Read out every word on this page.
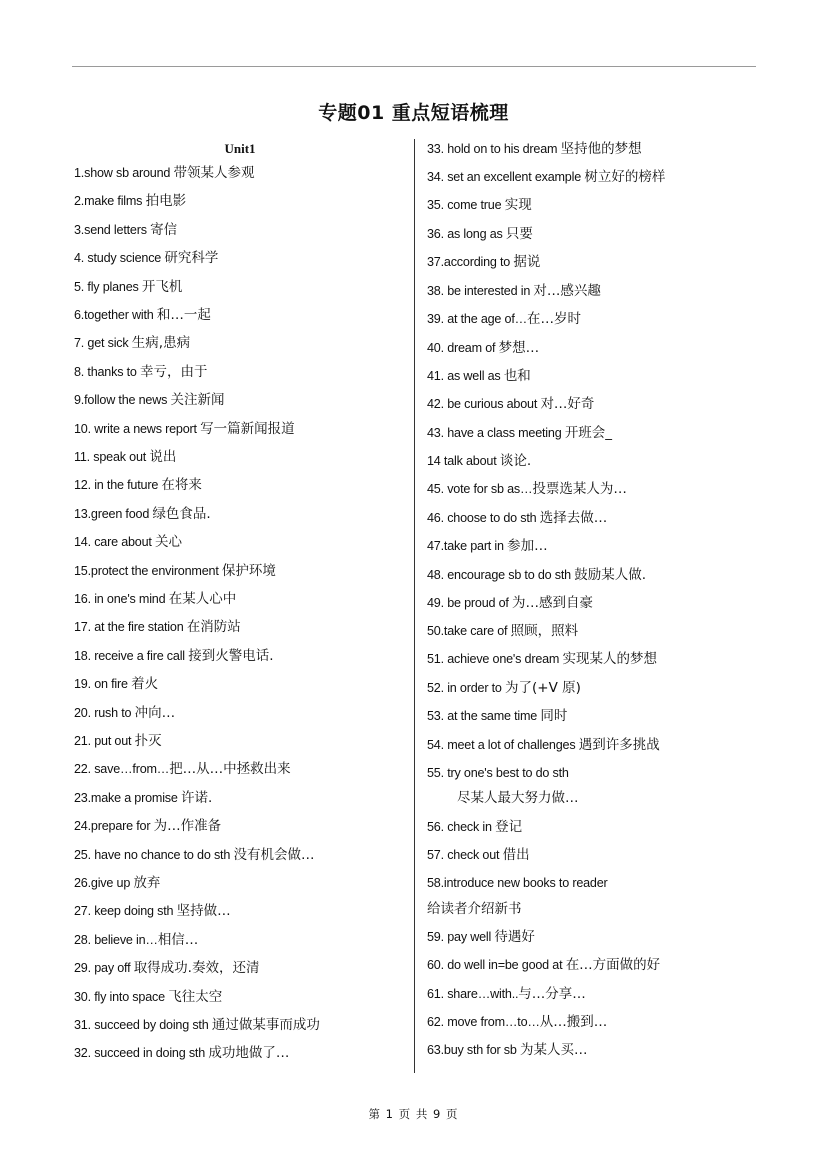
专题01 重点短语梳理
Unit1
1.show sb around 带领某人参观
2.make films 拍电影
3.send letters 寄信
4. study science 研究科学
5. fly planes 开飞机
6.together with 和…一起
7. get sick 生病,患病
8. thanks to 幸亏，由于
9.follow the news 关注新闻
10. write a news report 写一篇新闻报道
11. speak out 说出
12. in the future 在将来
13.green food 绿色食品.
14. care about 关心
15.protect the environment 保护环境
16. in one's mind 在某人心中
17. at the fire station 在消防站
18. receive a fire call 接到火警电话.
19. on fire 着火
20. rush to 冲向…
21. put out 扑灭
22. save…from…把…从…中拯救出来
23.make a promise 许诺.
24.prepare for 为…作准备
25. have no chance to do sth 没有机会做…
26.give up 放弃
27. keep doing sth 坚持做…
28. believe in…相信…
29. pay off 取得成功.奏效，还清
30. fly into space 飞往太空
31. succeed by doing sth 通过做某事而成功
32. succeed in doing sth 成功地做了…
33. hold on to his dream 坚持他的梦想
34. set an excellent example 树立好的榜样
35. come true 实现
36. as long as 只要
37.according to 据说
38. be interested in 对…感兴趣
39. at the age of…在…岁时
40. dream of 梦想…
41. as well as 也和
42. be curious about 对…好奇
43. have a class meeting 开班会_
14 talk about 谈论.
45. vote for sb as…投票选某人为…
46. choose to do sth 选择去做…
47.take part in 参加…
48. encourage sb to do sth 鼓励某人做.
49. be proud of 为…感到自豪
50.take care of 照顾，照料
51. achieve one's dream 实现某人的梦想
52. in order to 为了(+V 原)
53. at the same time 同时
54. meet a lot of challenges 遇到许多挑战
55. try one's best to do sth
尽某人最大努力做…
56. check in 登记
57. check out 借出
58.introduce new books to reader
给读者介绍新书
59. pay well 待遇好
60. do well in=be good at 在…方面做的好
61. share…with..与…分享…
62. move from…to…从…搬到…
63.buy sth for sb 为某人买…
第 1 页 共 9 页
